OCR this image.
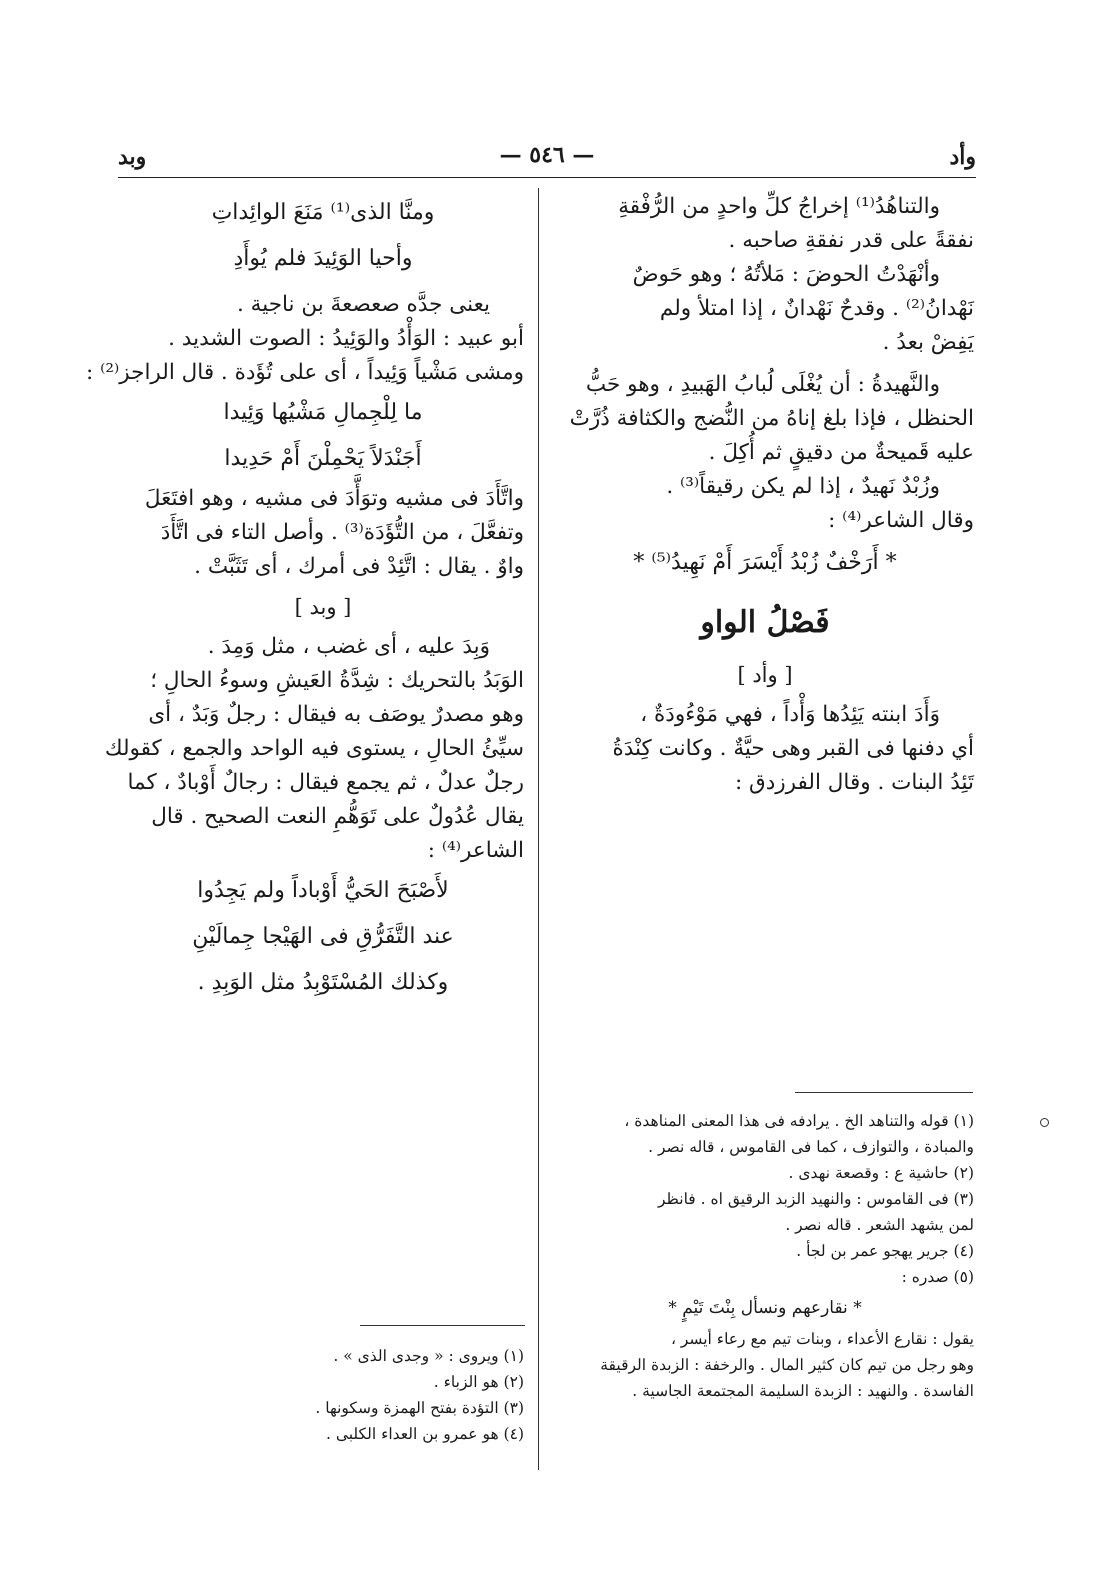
وبد	— ٥٤٦ —	وأد
والتناهُدُ⁽¹⁾ إخراجُ كلِّ واحدٍ من الرُّفْقةِ
نفقةً على قدر نفقةِ صاحبه .
وأنْهَدْتُ الحوضَ : مَلأتُهُ ؛ وهو حَوضٌ
نَهْدانُ⁽²⁾ . وقدحٌ نَهْدانٌ ، إذا امتلأ ولم
يَفِضْ بعدُ .
والنَّهيدةُ : أن يُغْلَى لُبابُ الهَبيدِ ، وهو حَبُّ
الحنظل ، فإذا بلغ إناهُ من النُّضج والكثافة ذُرَّتْ
عليه قَميحةٌ من دقيقٍ ثم أُكِلَ .
وزُبْدٌ نَهيدٌ ، إذا لم يكن رقيقاً⁽³⁾ .
وقال الشاعر⁽⁴⁾ :
* أَرَخْفٌ زُبْدُ أَيْسَرَ أَمْ نَهِيدُ⁽⁵⁾ *
فَصْلُ الواو
[ وأد ]
وَأَدَ ابنته يَئِدُها وَأْداً ، فهي مَوْءُودَةٌ ،
أي دفنها فى القبر وهى حيَّةٌ . وكانت كِنْدَةُ
تَئِدُ البنات . وقال الفرزدق :
(١) قوله والتناهد الخ . يرادفه فى هذا المعنى المناهدة ،
والمبادة ، والتوازف ، كما فى القاموس ، قاله نصر .
(٢) حاشية ع : وقصعة نهدى .
(٣) فى القاموس : والنهيد الزبد الرقيق اه . فانظر
لمن يشهد الشعر . قاله نصر .
(٤) جرير يهجو عمر بن لجأ .
(٥) صدره :
* نقارعهم ونسأل بِنْتَ تَيْمٍ *
يقول : نقارع الأعداء ، وبنات تيم مع رعاء أيسر ،
وهو رجل من تيم كان كثير المال . والرخفة : الزبدة الرقيقة
الفاسدة . والنهيد : الزبدة السليمة المجتمعة الجاسية .
ومنَّا الذى⁽¹⁾ مَنَعَ الوائِداتِ
وأحيا الوَئِيدَ فلم يُوأَدِ
يعنى جدَّه صعصعةَ بن ناجية .
أبو عبيد : الوَأْدُ والوَئِيدُ : الصوت الشديد .
ومشى مَشْياً وَئِيداً ، أى على تُؤَدة . قال الراجز⁽²⁾ :
ما لِلْجِمالِ مَشْيُها وَئِيدا
أَجَنْدَلاً يَحْمِلْنَ أَمْ حَدِيدا
واتَّأَدَ فى مشيه وتوَأَّدَ فى مشيه ، وهو افتَعَلَ
وتفعَّلَ ، من التُّؤَدَة⁽³⁾ . وأصل التاء فى اتَّأَدَ
واوٌ . يقال : اتَّئِدْ فى أمرك ، أى تَثَبَّتْ .
[ وبد ]
وَبِدَ عليه ، أى غضب ، مثل وَمِدَ .
الوَبَدُ بالتحريك : شِدَّةُ العَيشِ وسوءُ الحالِ ؛
وهو مصدرٌ يوصَف به فيقال : رجلٌ وَبَدٌ ، أى
سيِّئُ الحالِ ، يستوى فيه الواحد والجمع ، كقولك
رجلٌ عدلٌ ، ثم يجمع فيقال : رجالٌ أَوْبادٌ ، كما
يقال عُدُولٌ على تَوَهُّمِ النعت الصحيح . قال
الشاعر⁽⁴⁾ :
لأَصْبَحَ الحَيُّ أَوْباداً ولم يَجِدُوا
عند التَّفَرُّقِ فى الهَيْجا جِمالَيْنِ
وكذلك المُسْتَوْبِدُ مثل الوَبِدِ .
(١) ويروى : « وجدى الذى » .
(٢) هو الزباء .
(٣) التؤدة بفتح الهمزة وسكونها .
(٤) هو عمرو بن العداء الكلبى .
